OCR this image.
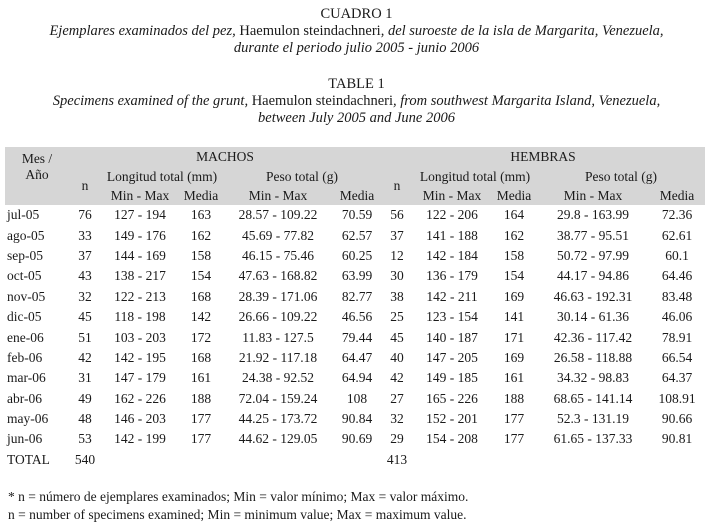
CUADRO 1
Ejemplares examinados del pez, Haemulon steindachneri, del suroeste de la isla de Margarita, Venezuela,
durante el periodo julio 2005 - junio 2006
TABLE 1
Specimens examined of the grunt, Haemulon steindachneri, from southwest Margarita Island, Venezuela,
between July 2005 and June 2006
Mes /
Año	MACHOS					HEMBRAS				
	n	Longitud total (mm)		Peso total (g)		n	Longitud total (mm)		Peso total (g)	
		Min - Max	Media	Min - Max	Media		Min - Max	Media	Min - Max	Media
jul-05	76	127 - 194	163	28.57 - 109.22	70.59	56	122 - 206	164	29.8 - 163.99	72.36
ago-05	33	149 - 176	162	45.69 - 77.82	62.57	37	141 - 188	162	38.77 - 95.51	62.61
sep-05	37	144 - 169	158	46.15 - 75.46	60.25	12	142 - 184	158	50.72 - 97.99	60.1
oct-05	43	138 - 217	154	47.63 - 168.82	63.99	30	136 - 179	154	44.17 - 94.86	64.46
nov-05	32	122 - 213	168	28.39 - 171.06	82.77	38	142 - 211	169	46.63 - 192.31	83.48
dic-05	45	118 - 198	142	26.66 - 109.22	46.56	25	123 - 154	141	30.14 - 61.36	46.06
ene-06	51	103 - 203	172	11.83 - 127.5	79.44	45	140 - 187	171	42.36 - 117.42	78.91
feb-06	42	142 - 195	168	21.92 - 117.18	64.47	40	147 - 205	169	26.58 - 118.88	66.54
mar-06	31	147 - 179	161	24.38 - 92.52	64.94	42	149 - 185	161	34.32 - 98.83	64.37
abr-06	49	162 - 226	188	72.04 - 159.24	108	27	165 - 226	188	68.65 - 141.14	108.91
may-06	48	146 - 203	177	44.25 - 173.72	90.84	32	152 - 201	177	52.3 - 131.19	90.66
jun-06	53	142 - 199	177	44.62 - 129.05	90.69	29	154 - 208	177	61.65 - 137.33	90.81
TOTAL	540					413				
* n = número de ejemplares examinados; Min = valor mínimo; Max = valor máximo.
n = number of specimens examined; Min = minimum value; Max = maximum value.
